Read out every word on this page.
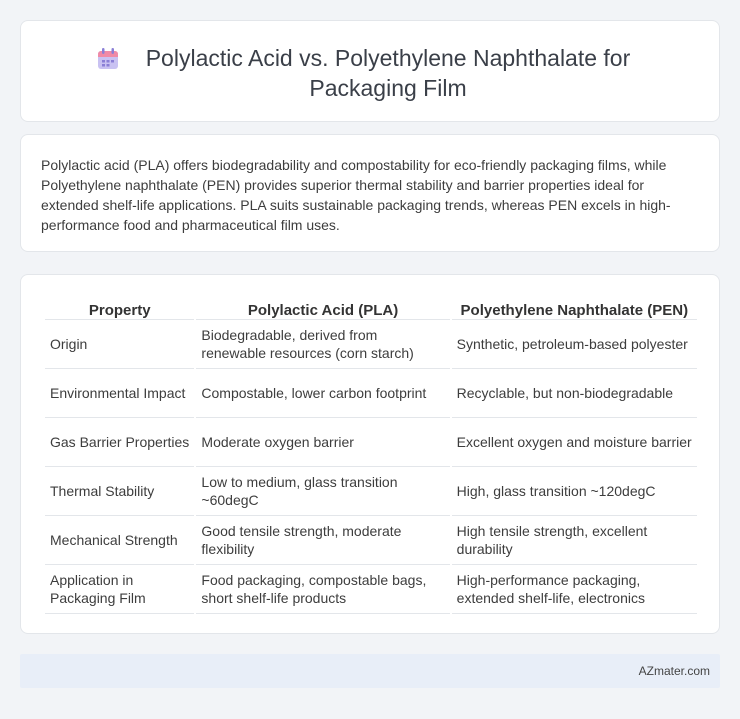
Polylactic Acid vs. Polyethylene Naphthalate for Packaging Film

Polylactic acid (PLA) offers biodegradability and compostability for eco-friendly packaging films, while Polyethylene naphthalate (PEN) provides superior thermal stability and barrier properties ideal for extended shelf-life applications. PLA suits sustainable packaging trends, whereas PEN excels in high-performance food and pharmaceutical film uses.

Property	Polylactic Acid (PLA)	Polyethylene Naphthalate (PEN)
Origin	Biodegradable, derived from renewable resources (corn starch)	Synthetic, petroleum-based polyester
Environmental Impact	Compostable, lower carbon footprint	Recyclable, but non-biodegradable
Gas Barrier Properties	Moderate oxygen barrier	Excellent oxygen and moisture barrier
Thermal Stability	Low to medium, glass transition ~60degC	High, glass transition ~120degC
Mechanical Strength	Good tensile strength, moderate flexibility	High tensile strength, excellent durability
Application in Packaging Film	Food packaging, compostable bags, short shelf-life products	High-performance packaging, extended shelf-life, electronics
AZmater.com
